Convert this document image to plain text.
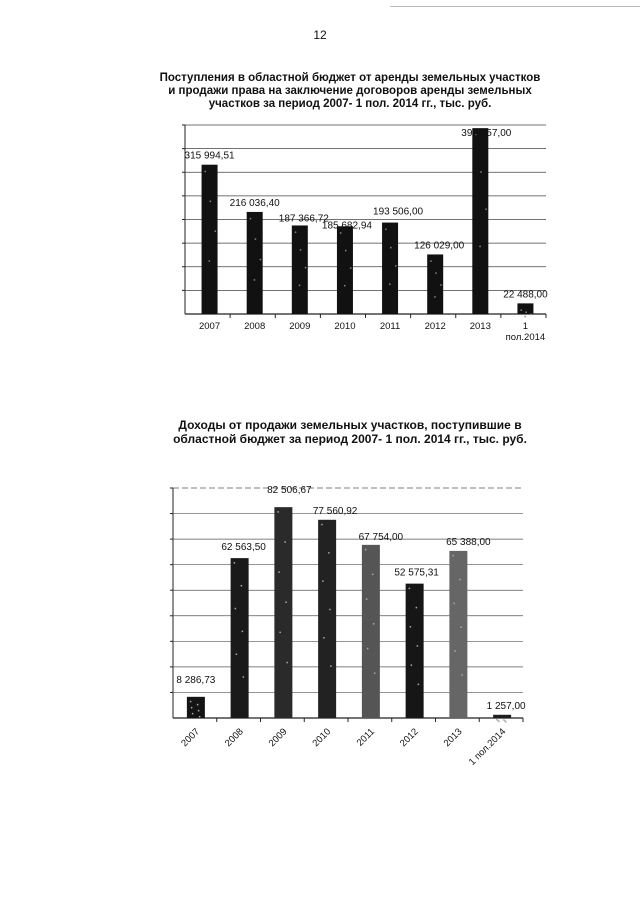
12
Поступления в областной бюджет от аренды земельных участков
и продажи права на заключение договоров аренды земельных
участков за период 2007- 1 пол. 2014 гг., тыс. руб.
Доходы от продажи земельных участков, поступившие в
областной бюджет за период 2007- 1 пол. 2014 гг., тыс. руб.
315 994,51
2007
216 036,40
2008
187 366,72
2009
185 682,94
2010
193 506,00
2011
126 029,00
2012
393 357,00
2013
22 488,00
1
пол.2014
8 286,73
2007
62 563,50
2008
82 506,67
2009
77 560,92
2010
67 754,00
2011
52 575,31
2012
65 388,00
2013
1 257,00
1 пол.2014
